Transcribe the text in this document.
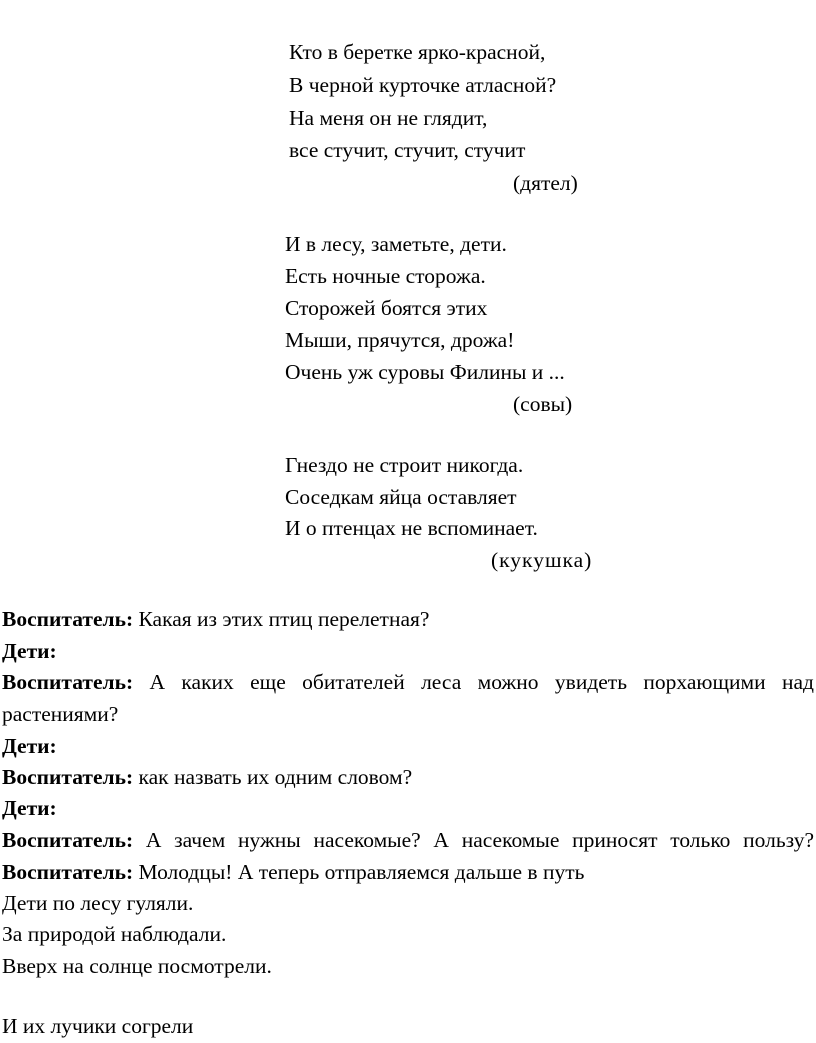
Кто в беретке ярко-красной,
В черной курточке атласной?
На меня он не глядит,
все стучит, стучит, стучит
(дятел)
И в лесу, заметьте, дети.
Есть ночные сторожа.
Сторожей боятся этих
Мыши, прячутся, дрожа!
Очень уж суровы Филины и ...
(совы)
Гнездо не строит никогда.
Соседкам яйца оставляет
И о птенцах не вспоминает.
(кукушка)
Воспитатель: Какая из этих птиц перелетная?
Дети:
Воспитатель: А каких еще обитателей леса можно увидеть порхающими над растениями?
Дети:
Воспитатель: как назвать их одним словом?
Дети:
Воспитатель: А зачем нужны насекомые? А насекомые приносят только пользу? Воспитатель: Молодцы! А теперь отправляемся дальше в путь
Дети по лесу гуляли.
За природой наблюдали.
Вверх на солнце посмотрели.
И их лучики согрели
